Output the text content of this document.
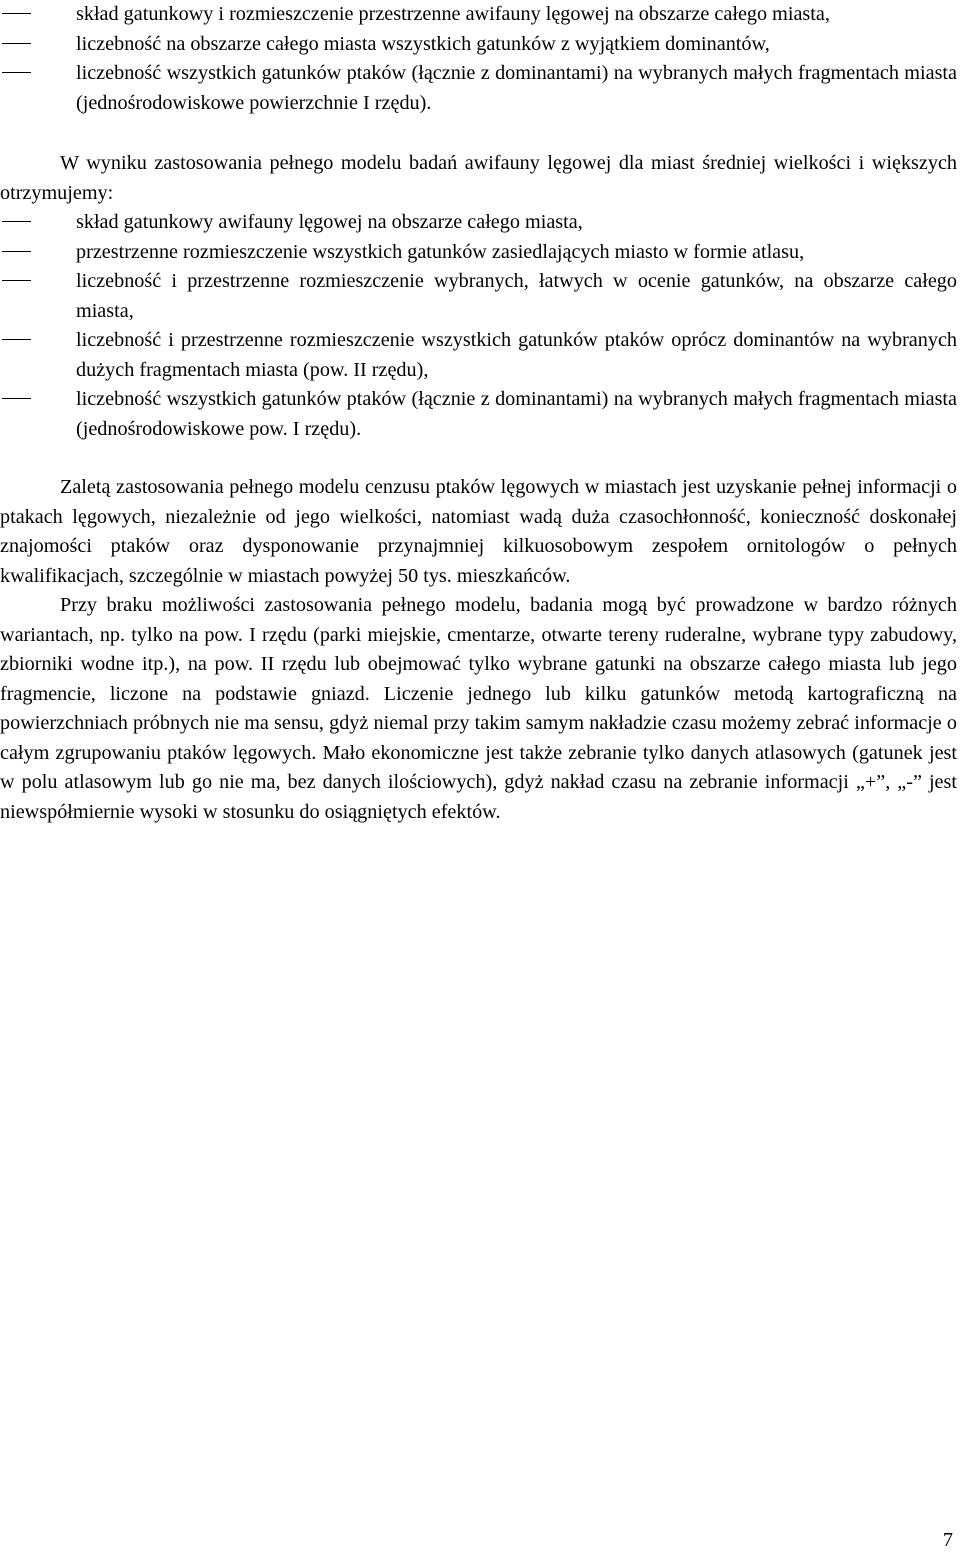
skład gatunkowy i rozmieszczenie przestrzenne awifauny lęgowej na obszarze całego miasta,
liczebność na obszarze całego miasta wszystkich gatunków z wyjątkiem dominantów,
liczebność wszystkich gatunków ptaków (łącznie z dominantami) na wybranych małych fragmentach miasta (jednośrodowiskowe powierzchnie I rzędu).

W wyniku zastosowania pełnego modelu badań awifauny lęgowej dla miast średniej wielkości i większych otrzymujemy:

skład gatunkowy awifauny lęgowej na obszarze całego miasta,
przestrzenne rozmieszczenie wszystkich gatunków zasiedlających miasto w formie atlasu,
liczebność i przestrzenne rozmieszczenie wybranych, łatwych w ocenie gatunków, na obszarze całego miasta,
liczebność i przestrzenne rozmieszczenie wszystkich gatunków ptaków oprócz dominantów na wybranych dużych fragmentach miasta (pow. II rzędu),
liczebność wszystkich gatunków ptaków (łącznie z dominantami) na wybranych małych fragmentach miasta (jednośrodowiskowe pow. I rzędu).

Zaletą zastosowania pełnego modelu cenzusu ptaków lęgowych w miastach jest uzyskanie pełnej informacji o ptakach lęgowych, niezależnie od jego wielkości, natomiast wadą duża czasochłonność, konieczność doskonałej znajomości ptaków oraz dysponowanie przynajmniej kilkuosobowym zespołem ornitologów o pełnych kwalifikacjach, szczególnie w miastach powyżej 50 tys. mieszkańców.

Przy braku możliwości zastosowania pełnego modelu, badania mogą być prowadzone w bardzo różnych wariantach, np. tylko na pow. I rzędu (parki miejskie, cmentarze, otwarte tereny ruderalne, wybrane typy zabudowy, zbiorniki wodne itp.), na pow. II rzędu lub obejmować tylko wybrane gatunki na obszarze całego miasta lub jego fragmencie, liczone na podstawie gniazd. Liczenie jednego lub kilku gatunków metodą kartograficzną na powierzchniach próbnych nie ma sensu, gdyż niemal przy takim samym nakładzie czasu możemy zebrać informacje o całym zgrupowaniu ptaków lęgowych. Mało ekonomiczne jest także zebranie tylko danych atlasowych (gatunek jest w polu atlasowym lub go nie ma, bez danych ilościowych), gdyż nakład czasu na zebranie informacji „+”, „-” jest niewspółmiernie wysoki w stosunku do osiągniętych efektów.

7
